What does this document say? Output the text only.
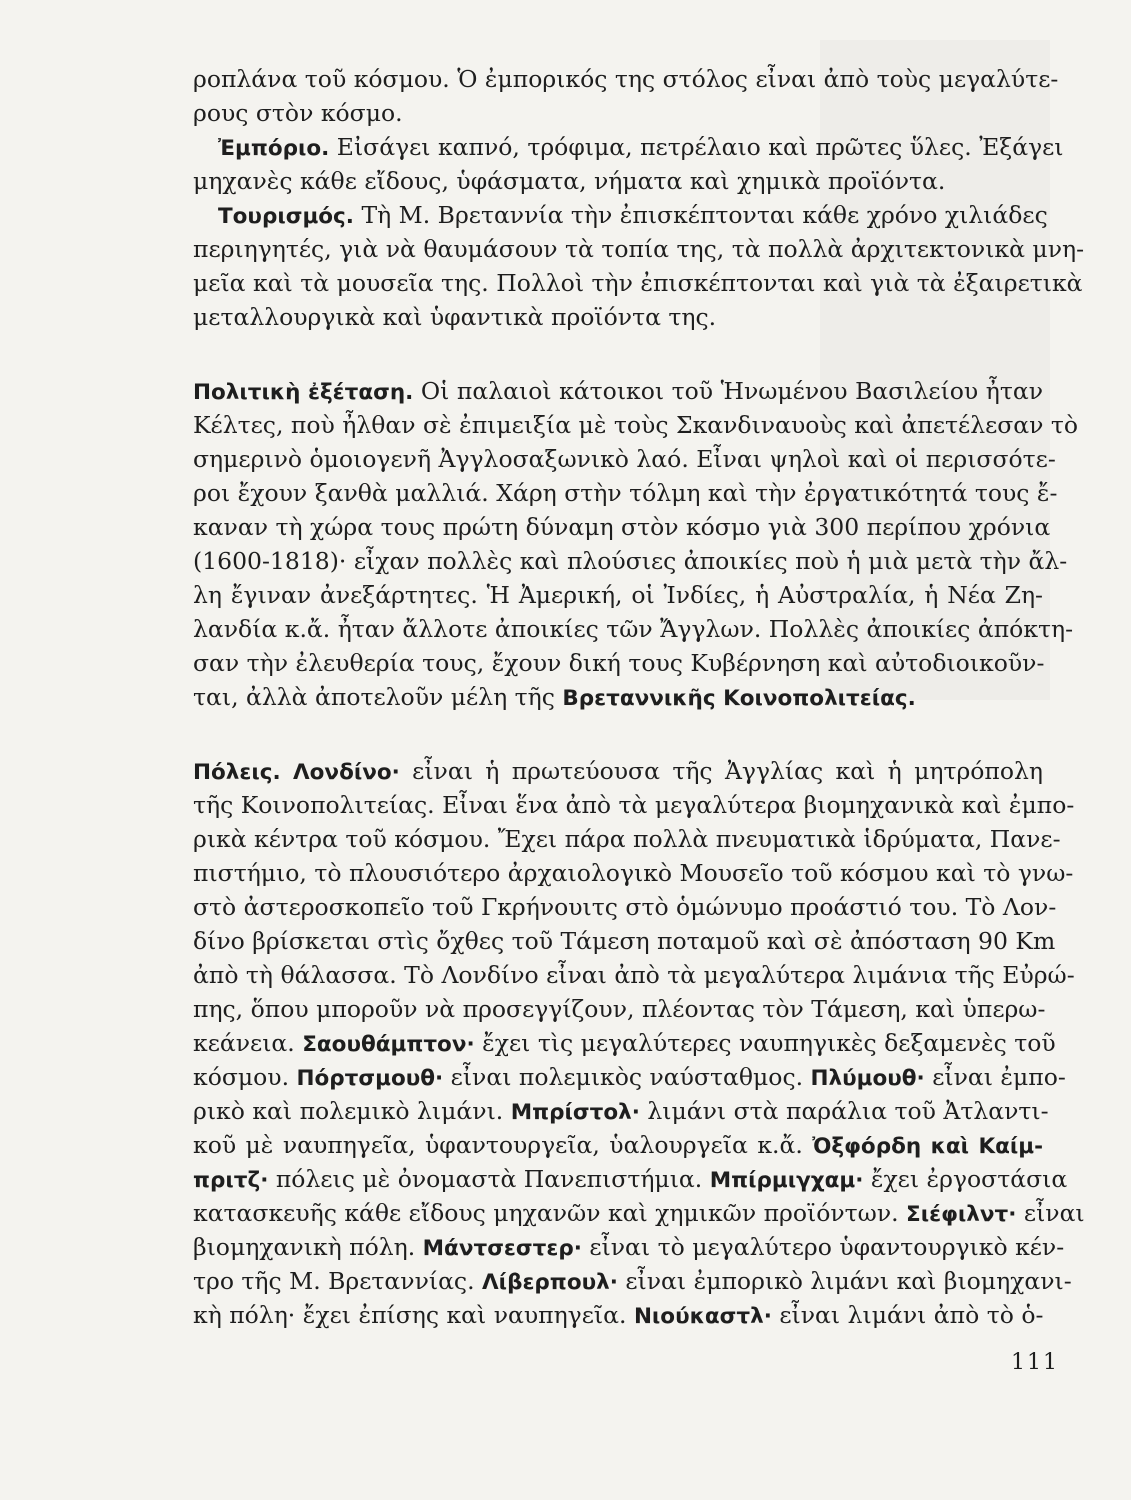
ροπλάνα τοῦ κόσμου. Ὁ ἐμπορικός της στόλος εἶναι ἀπὸ τοὺς μεγαλύτε-
ρους στὸν κόσμο.
Ἐμπόριο. Εἰσάγει καπνό, τρόφιμα, πετρέλαιο καὶ πρῶτες ὕλες. Ἐξάγει
μηχανὲς κάθε εἴδους, ὑφάσματα, νήματα καὶ χημικὰ προϊόντα.
Τουρισμός. Τὴ Μ. Βρεταννία τὴν ἐπισκέπτονται κάθε χρόνο χιλιάδες
περιηγητές, γιὰ νὰ θαυμάσουν τὰ τοπία της, τὰ πολλὰ ἀρχιτεκτονικὰ μνη-
μεῖα καὶ τὰ μουσεῖα της. Πολλοὶ τὴν ἐπισκέπτονται καὶ γιὰ τὰ ἐξαιρετικὰ
μεταλλουργικὰ καὶ ὑφαντικὰ προϊόντα της.
Πολιτικὴ ἐξέταση. Οἱ παλαιοὶ κάτοικοι τοῦ Ἡνωμένου Βασιλείου ἦταν
Κέλτες, ποὺ ἦλθαν σὲ ἐπιμειξία μὲ τοὺς Σκανδιναυοὺς καὶ ἀπετέλεσαν τὸ
σημερινὸ ὁμοιογενῆ Ἀγγλοσαξωνικὸ λαό. Εἶναι ψηλοὶ καὶ οἱ περισσότε-
ροι ἔχουν ξανθὰ μαλλιά. Χάρη στὴν τόλμη καὶ τὴν ἐργατικότητά τους ἔ-
καναν τὴ χώρα τους πρώτη δύναμη στὸν κόσμο γιὰ 300 περίπου χρόνια
(1600-1818)· εἶχαν πολλὲς καὶ πλούσιες ἀποικίες ποὺ ἡ μιὰ μετὰ τὴν ἄλ-
λη ἔγιναν ἀνεξάρτητες. Ἡ Ἀμερική, οἱ Ἰνδίες, ἡ Αὐστραλία, ἡ Νέα Ζη-
λανδία κ.ἄ. ἦταν ἄλλοτε ἀποικίες τῶν Ἄγγλων. Πολλὲς ἀποικίες ἀπόκτη-
σαν τὴν ἐλευθερία τους, ἔχουν δική τους Κυβέρνηση καὶ αὐτοδιοικοῦν-
ται, ἀλλὰ ἀποτελοῦν μέλη τῆς Βρεταννικῆς Κοινοπολιτείας.
Πόλεις. Λονδίνο· εἶναι ἡ πρωτεύουσα τῆς Ἀγγλίας καὶ ἡ μητρόπολη
τῆς Κοινοπολιτείας. Εἶναι ἕνα ἀπὸ τὰ μεγαλύτερα βιομηχανικὰ καὶ ἐμπο-
ρικὰ κέντρα τοῦ κόσμου. Ἔχει πάρα πολλὰ πνευματικὰ ἱδρύματα, Πανε-
πιστήμιο, τὸ πλουσιότερο ἀρχαιολογικὸ Μουσεῖο τοῦ κόσμου καὶ τὸ γνω-
στὸ ἀστεροσκοπεῖο τοῦ Γκρήνουιτς στὸ ὁμώνυμο προάστιό του. Τὸ Λον-
δίνο βρίσκεται στὶς ὄχθες τοῦ Τάμεση ποταμοῦ καὶ σὲ ἀπόσταση 90 Km
ἀπὸ τὴ θάλασσα. Τὸ Λονδίνο εἶναι ἀπὸ τὰ μεγαλύτερα λιμάνια τῆς Εὐρώ-
πης, ὅπου μποροῦν νὰ προσεγγίζουν, πλέοντας τὸν Τάμεση, καὶ ὑπερω-
κεάνεια. Σαουθάμπτον· ἔχει τὶς μεγαλύτερες ναυπηγικὲς δεξαμενὲς τοῦ
κόσμου. Πόρτσμουθ· εἶναι πολεμικὸς ναύσταθμος. Πλύμουθ· εἶναι ἐμπο-
ρικὸ καὶ πολεμικὸ λιμάνι. Μπρίστολ· λιμάνι στὰ παράλια τοῦ Ἀτλαντι-
κοῦ μὲ ναυπηγεῖα, ὑφαντουργεῖα, ὑαλουργεῖα κ.ἄ. Ὀξφόρδη καὶ Καίμ-
πριτζ· πόλεις μὲ ὀνομαστὰ Πανεπιστήμια. Μπίρμιγχαμ· ἔχει ἐργοστάσια
κατασκευῆς κάθε εἴδους μηχανῶν καὶ χημικῶν προϊόντων. Σιέφιλντ· εἶναι
βιομηχανικὴ πόλη. Μάντσεστερ· εἶναι τὸ μεγαλύτερο ὑφαντουργικὸ κέν-
τρο τῆς Μ. Βρεταννίας. Λίβερπουλ· εἶναι ἐμπορικὸ λιμάνι καὶ βιομηχανι-
κὴ πόλη· ἔχει ἐπίσης καὶ ναυπηγεῖα. Νιούκαστλ· εἶναι λιμάνι ἀπὸ τὸ ὁ-
111
